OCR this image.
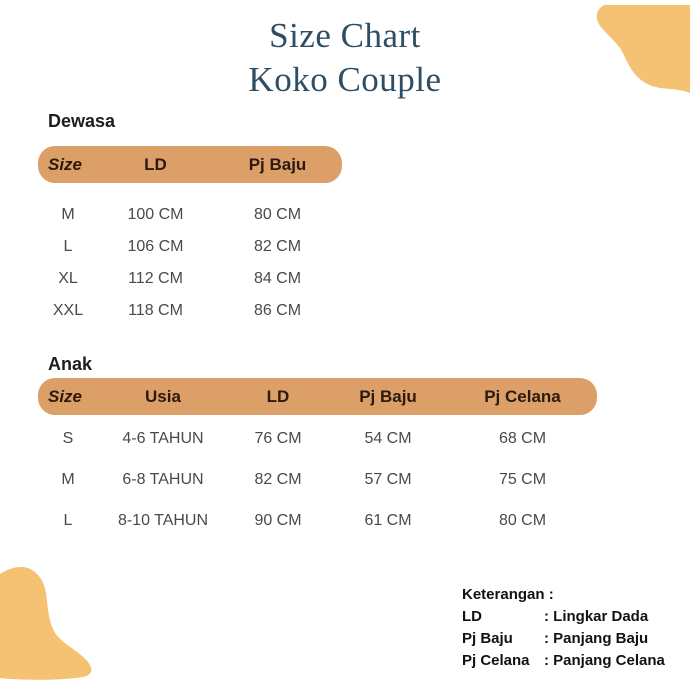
Size Chart
Koko Couple
Dewasa
Size	LD	Pj Baju
M	100 CM	80 CM
L	106 CM	82 CM
XL	112 CM	84 CM
XXL	118 CM	86 CM
Anak
Size	Usia	LD	Pj Baju	Pj Celana
S	4-6 TAHUN	76 CM	54 CM	68 CM
M	6-8 TAHUN	82 CM	57 CM	75 CM
L	8-10 TAHUN	90 CM	61 CM	80 CM
Keterangan :
LD	: Lingkar Dada
Pj Baju	: Panjang Baju
Pj Celana : Panjang Celana
